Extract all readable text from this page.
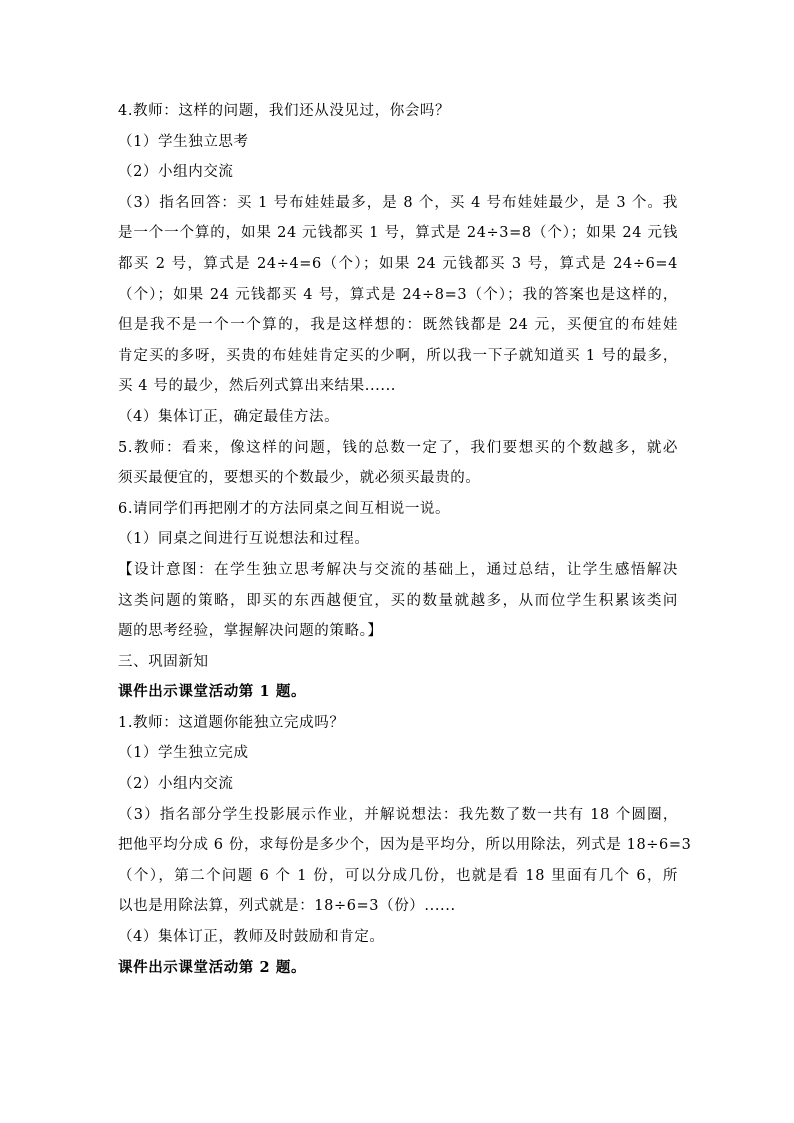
4.教师：这样的问题，我们还从没见过，你会吗？
（1）学生独立思考
（2）小组内交流
（3）指名回答：买 1 号布娃娃最多，是 8 个，买 4 号布娃娃最少，是 3 个。我
是一个一个算的，如果 24 元钱都买 1 号，算式是 24÷3=8（个）；如果 24 元钱
都买 2 号，算式是 24÷4=6（个）；如果 24 元钱都买 3 号，算式是 24÷6=4
（个）；如果 24 元钱都买 4 号，算式是 24÷8=3（个）；我的答案也是这样的，
但是我不是一个一个算的，我是这样想的：既然钱都是 24 元，买便宜的布娃娃
肯定买的多呀，买贵的布娃娃肯定买的少啊，所以我一下子就知道买 1 号的最多，
买 4 号的最少，然后列式算出来结果......
（4）集体订正，确定最佳方法。
5.教师：看来，像这样的问题，钱的总数一定了，我们要想买的个数越多，就必
须买最便宜的，要想买的个数最少，就必须买最贵的。
6.请同学们再把刚才的方法同桌之间互相说一说。
（1）同桌之间进行互说想法和过程。
【设计意图：在学生独立思考解决与交流的基础上，通过总结，让学生感悟解决
这类问题的策略，即买的东西越便宜，买的数量就越多，从而位学生积累该类问
题的思考经验，掌握解决问题的策略。】
三、巩固新知
课件出示课堂活动第 1 题。
1.教师：这道题你能独立完成吗？
（1）学生独立完成
（2）小组内交流
（3）指名部分学生投影展示作业，并解说想法：我先数了数一共有 18 个圆圈，
把他平均分成 6 份，求每份是多少个，因为是平均分，所以用除法，列式是 18÷6=3
（个），第二个问题 6 个 1 份，可以分成几份，也就是看 18 里面有几个 6，所
以也是用除法算，列式就是：18÷6=3（份）......
（4）集体订正，教师及时鼓励和肯定。
课件出示课堂活动第 2 题。
